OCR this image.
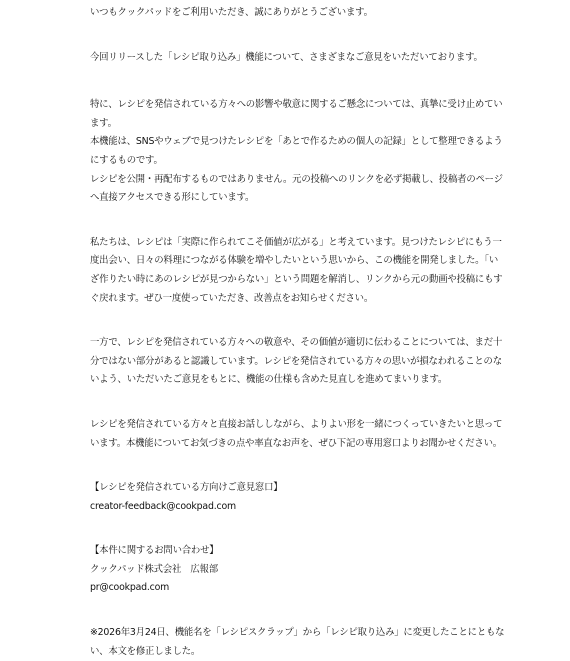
いつもクックパッドをご利用いただき、誠にありがとうございます。

今回リリースした「レシピ取り込み」機能について、さまざまなご意見をいただいております。

特に、レシピを発信されている方々への影響や敬意に関するご懸念については、真摯に受け止めています。

本機能は、SNSやウェブで見つけたレシピを「あとで作るための個人の記録」として整理できるようにするものです。

レシピを公開・再配布するものではありません。元の投稿へのリンクを必ず掲載し、投稿者のページへ直接アクセスできる形にしています。

私たちは、レシピは「実際に作られてこそ価値が広がる」と考えています。見つけたレシピにもう一度出会い、日々の料理につながる体験を増やしたいという思いから、この機能を開発しました。「いざ作りたい時にあのレシピが見つからない」という問題を解消し、リンクから元の動画や投稿にもすぐ戻れます。ぜひ一度使っていただき、改善点をお知らせください。

一方で、レシピを発信されている方々への敬意や、その価値が適切に伝わることについては、まだ十分ではない部分があると認識しています。レシピを発信されている方々の思いが損なわれることのないよう、いただいたご意見をもとに、機能の仕様も含めた見直しを進めてまいります。

レシピを発信されている方々と直接お話ししながら、よりよい形を一緒につくっていきたいと思っています。本機能についてお気づきの点や率直なお声を、ぜひ下記の専用窓口よりお聞かせください。

【レシピを発信されている方向けご意見窓口】

creator-feedback@cookpad.com

【本件に関するお問い合わせ】

クックパッド株式会社　広報部

pr@cookpad.com

※2026年3月24日、機能名を「レシピスクラップ」から「レシピ取り込み」に変更したことにともない、本文を修正しました。
